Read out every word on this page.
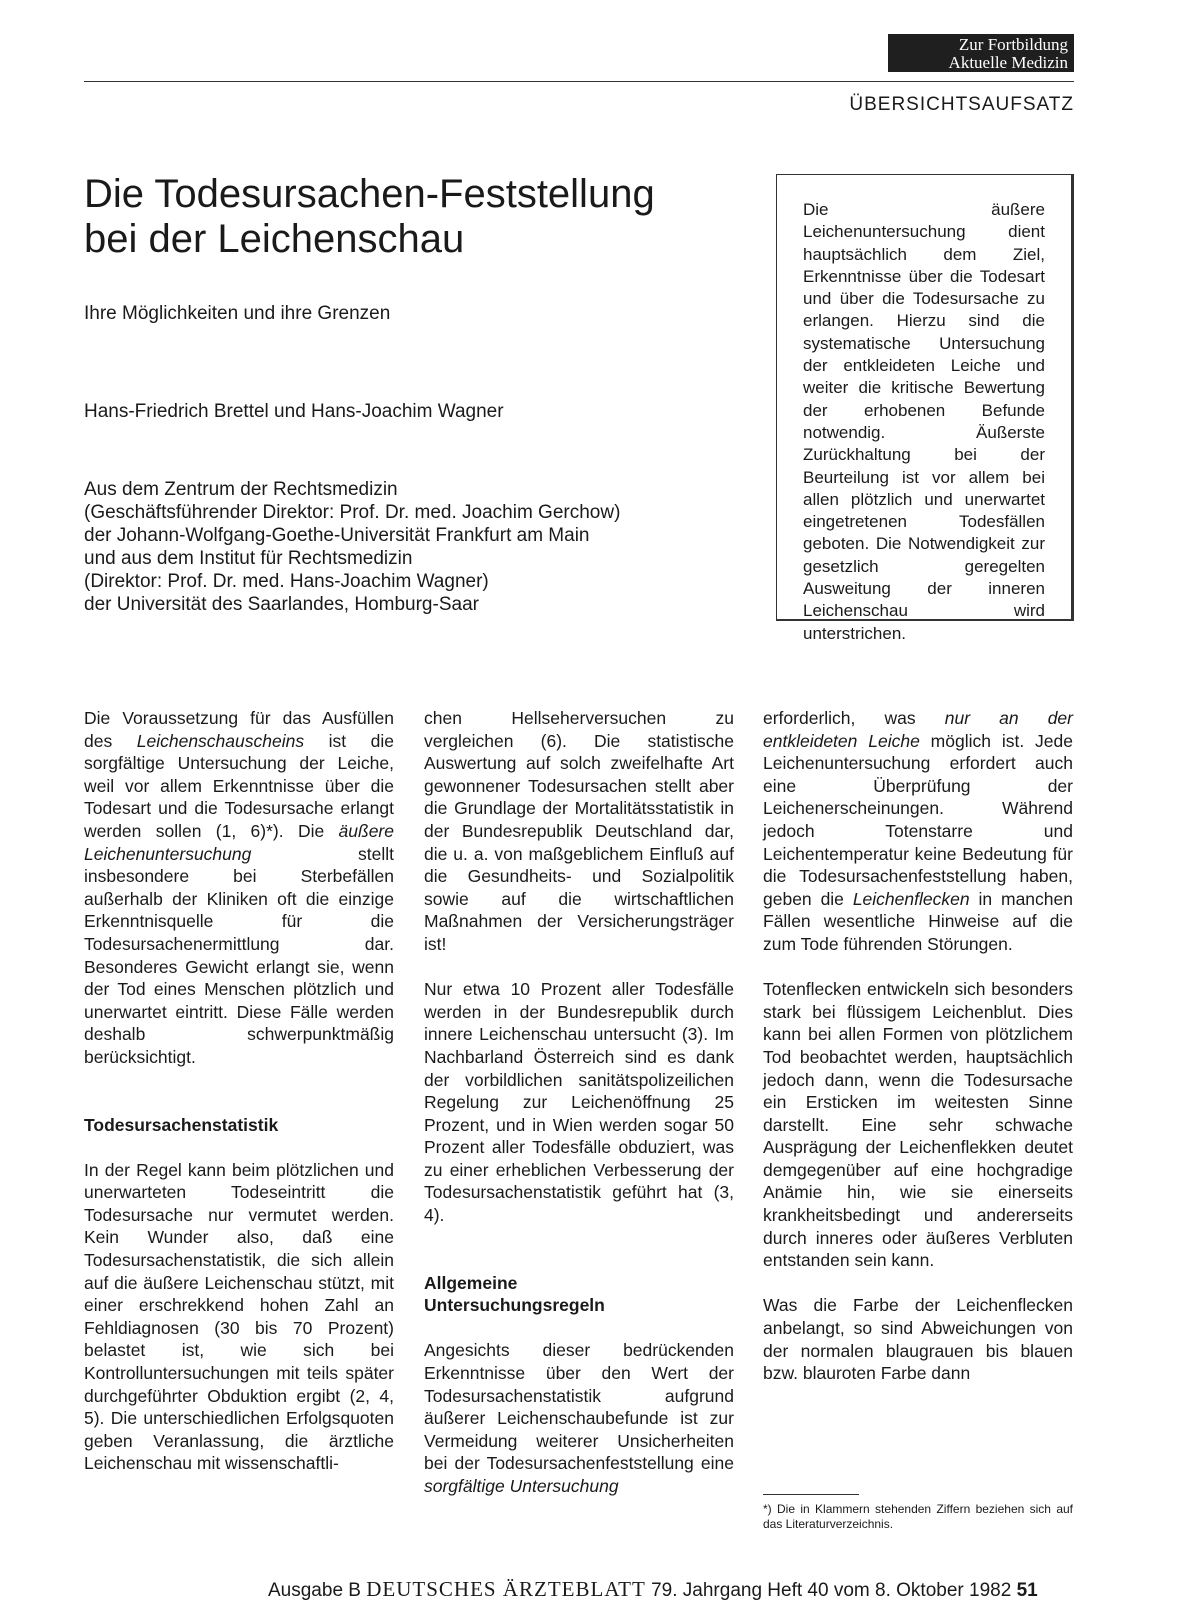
Zur Fortbildung
Aktuelle Medizin
ÜBERSICHTSAUFSATZ
Die Todesursachen-Feststellung
bei der Leichenschau
Ihre Möglichkeiten und ihre Grenzen
Hans-Friedrich Brettel und Hans-Joachim Wagner
Aus dem Zentrum der Rechtsmedizin
(Geschäftsführender Direktor: Prof. Dr. med. Joachim Gerchow)
der Johann-Wolfgang-Goethe-Universität Frankfurt am Main
und aus dem Institut für Rechtsmedizin
(Direktor: Prof. Dr. med. Hans-Joachim Wagner)
der Universität des Saarlandes, Homburg-Saar
Die äußere Leichenuntersuchung dient hauptsächlich dem Ziel, Erkenntnisse über die Todesart und über die Todesursache zu erlangen. Hierzu sind die systematische Untersuchung der entkleideten Leiche und weiter die kritische Bewertung der erhobenen Befunde notwendig. Äußerste Zurückhaltung bei der Beurteilung ist vor allem bei allen plötzlich und unerwartet eingetretenen Todesfällen geboten. Die Notwendigkeit zur gesetzlich geregelten Ausweitung der inneren Leichenschau wird unterstrichen.

Die Voraussetzung für das Ausfüllen des Leichenschauscheins ist die sorgfältige Untersuchung der Leiche, weil vor allem Erkenntnisse über die Todesart und die Todesursache erlangt werden sollen (1, 6)*). Die äußere Leichenuntersuchung stellt insbesondere bei Sterbefällen außerhalb der Kliniken oft die einzige Erkenntnisquelle für die Todesursachenermittlung dar. Besonderes Gewicht erlangt sie, wenn der Tod eines Menschen plötzlich und unerwartet eintritt. Diese Fälle werden deshalb schwerpunktmäßig berücksichtigt.

Todesursachenstatistik

In der Regel kann beim plötzlichen und unerwarteten Todeseintritt die Todesursache nur vermutet werden. Kein Wunder also, daß eine Todesursachenstatistik, die sich allein auf die äußere Leichenschau stützt, mit einer erschrekkend hohen Zahl an Fehldiagnosen (30 bis 70 Prozent) belastet ist, wie sich bei Kontrolluntersuchungen mit teils später durchgeführter Obduktion ergibt (2, 4, 5). Die unterschiedlichen Erfolgsquoten geben Veranlassung, die ärztliche Leichenschau mit wissenschaftli-

chen Hellseherversuchen zu vergleichen (6). Die statistische Auswertung auf solch zweifelhafte Art gewonnener Todesursachen stellt aber die Grundlage der Mortalitätsstatistik in der Bundesrepublik Deutschland dar, die u. a. von maßgeblichem Einfluß auf die Gesundheits- und Sozialpolitik sowie auf die wirtschaftlichen Maßnahmen der Versicherungsträger ist!

Nur etwa 10 Prozent aller Todesfälle werden in der Bundesrepublik durch innere Leichenschau untersucht (3). Im Nachbarland Österreich sind es dank der vorbildlichen sanitätspolizeilichen Regelung zur Leichenöffnung 25 Prozent, und in Wien werden sogar 50 Prozent aller Todesfälle obduziert, was zu einer erheblichen Verbesserung der Todesursachenstatistik geführt hat (3, 4).

Allgemeine
Untersuchungsregeln

Angesichts dieser bedrückenden Erkenntnisse über den Wert der Todesursachenstatistik aufgrund äußerer Leichenschaubefunde ist zur Vermeidung weiterer Unsicherheiten bei der Todesursachenfeststellung eine sorgfältige Untersuchung

erforderlich, was nur an der entkleideten Leiche möglich ist. Jede Leichenuntersuchung erfordert auch eine Überprüfung der Leichenerscheinungen. Während jedoch Totenstarre und Leichentemperatur keine Bedeutung für die Todesursachenfeststellung haben, geben die Leichenflecken in manchen Fällen wesentliche Hinweise auf die zum Tode führenden Störungen.

Totenflecken entwickeln sich besonders stark bei flüssigem Leichenblut. Dies kann bei allen Formen von plötzlichem Tod beobachtet werden, hauptsächlich jedoch dann, wenn die Todesursache ein Ersticken im weitesten Sinne darstellt. Eine sehr schwache Ausprägung der Leichenflekken deutet demgegenüber auf eine hochgradige Anämie hin, wie sie einerseits krankheitsbedingt und andererseits durch inneres oder äußeres Verbluten entstanden sein kann.

Was die Farbe der Leichenflecken anbelangt, so sind Abweichungen von der normalen blaugrauen bis blauen bzw. blauroten Farbe dann

*) Die in Klammern stehenden Ziffern beziehen sich auf das Literaturverzeichnis.
Ausgabe B DEUTSCHES ÄRZTEBLATT 79. Jahrgang Heft 40 vom 8. Oktober 1982 51
